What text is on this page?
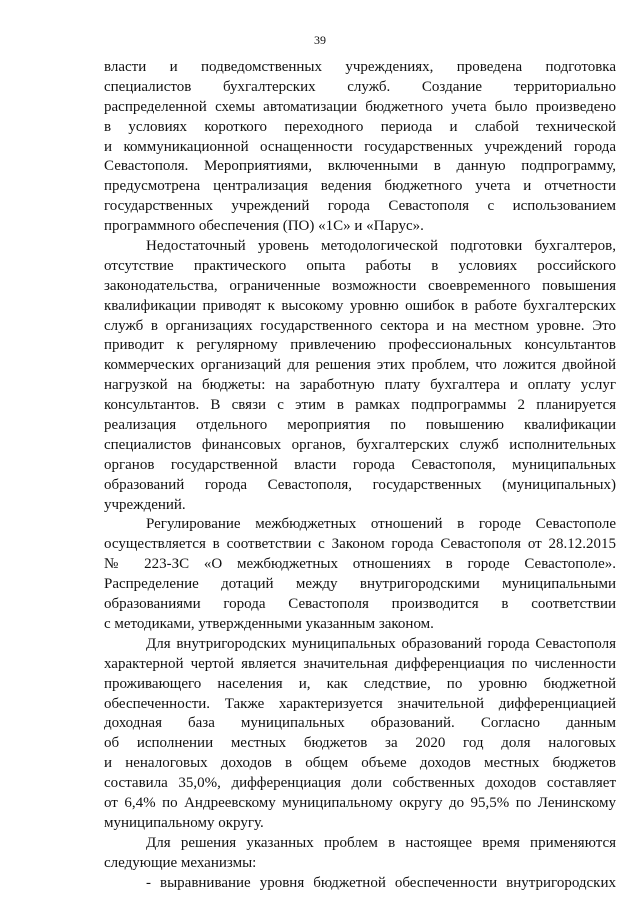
39
власти и подведомственных учреждениях, проведена подготовка
специалистов бухгалтерских служб. Создание территориально
распределенной схемы автоматизации бюджетного учета было произведено
в условиях короткого переходного периода и слабой технической
и коммуникационной оснащенности государственных учреждений города
Севастополя. Мероприятиями, включенными в данную подпрограмму,
предусмотрена централизация ведения бюджетного учета и отчетности
государственных учреждений города Севастополя с использованием
программного обеспечения (ПО) «1С» и «Парус».
Недостаточный уровень методологической подготовки бухгалтеров,
отсутствие практического опыта работы в условиях российского
законодательства, ограниченные возможности своевременного повышения
квалификации приводят к высокому уровню ошибок в работе бухгалтерских
служб в организациях государственного сектора и на местном уровне. Это
приводит к регулярному привлечению профессиональных консультантов
коммерческих организаций для решения этих проблем, что ложится двойной
нагрузкой на бюджеты: на заработную плату бухгалтера и оплату услуг
консультантов. В связи с этим в рамках подпрограммы 2 планируется
реализация отдельного мероприятия по повышению квалификации
специалистов финансовых органов, бухгалтерских служб исполнительных
органов государственной власти города Севастополя, муниципальных
образований города Севастополя, государственных (муниципальных)
учреждений.
Регулирование межбюджетных отношений в городе Севастополе
осуществляется в соответствии с Законом города Севастополя от 28.12.2015
№ 223-ЗС «О межбюджетных отношениях в городе Севастополе».
Распределение дотаций между внутригородскими муниципальными
образованиями города Севастополя производится в соответствии
с методиками, утвержденными указанным законом.
Для внутригородских муниципальных образований города Севастополя
характерной чертой является значительная дифференциация по численности
проживающего населения и, как следствие, по уровню бюджетной
обеспеченности. Также характеризуется значительной дифференциацией
доходная база муниципальных образований. Согласно данным
об исполнении местных бюджетов за 2020 год доля налоговых
и неналоговых доходов в общем объеме доходов местных бюджетов
составила 35,0%, дифференциация доли собственных доходов составляет
от 6,4% по Андреевскому муниципальному округу до 95,5% по Ленинскому
муниципальному округу.
Для решения указанных проблем в настоящее время применяются
следующие механизмы:
- выравнивание уровня бюджетной обеспеченности внутригородских
